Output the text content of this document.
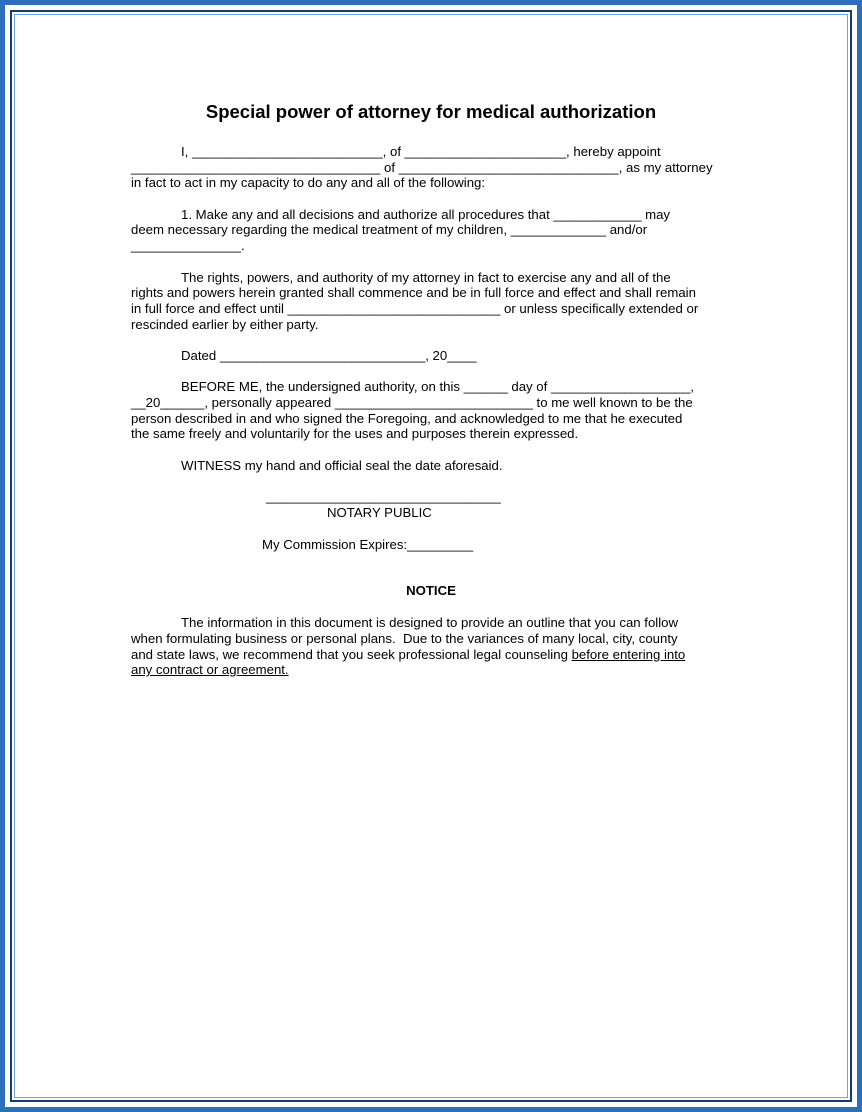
Special power of attorney for medical authorization
I, __________________________, of ______________________, hereby appoint
__________________________________ of ______________________________, as my attorney
in fact to act in my capacity to do any and all of the following:
1. Make any and all decisions and authorize all procedures that ____________ may
deem necessary regarding the medical treatment of my children, _____________ and/or
_______________.
The rights, powers, and authority of my attorney in fact to exercise any and all of the
rights and powers herein granted shall commence and be in full force and effect and shall remain
in full force and effect until _____________________________ or unless specifically extended or
rescinded earlier by either party.
Dated ____________________________, 20____
BEFORE ME, the undersigned authority, on this ______ day of ___________________,
__20______, personally appeared ___________________________ to me well known to be the
person described in and who signed the Foregoing, and acknowledged to me that he executed
the same freely and voluntarily for the uses and purposes therein expressed.
WITNESS my hand and official seal the date aforesaid.
________________________________
NOTARY PUBLIC
My Commission Expires:_________
NOTICE
The information in this document is designed to provide an outline that you can follow
when formulating business or personal plans.  Due to the variances of many local, city, county
and state laws, we recommend that you seek professional legal counseling before entering into
any contract or agreement.
